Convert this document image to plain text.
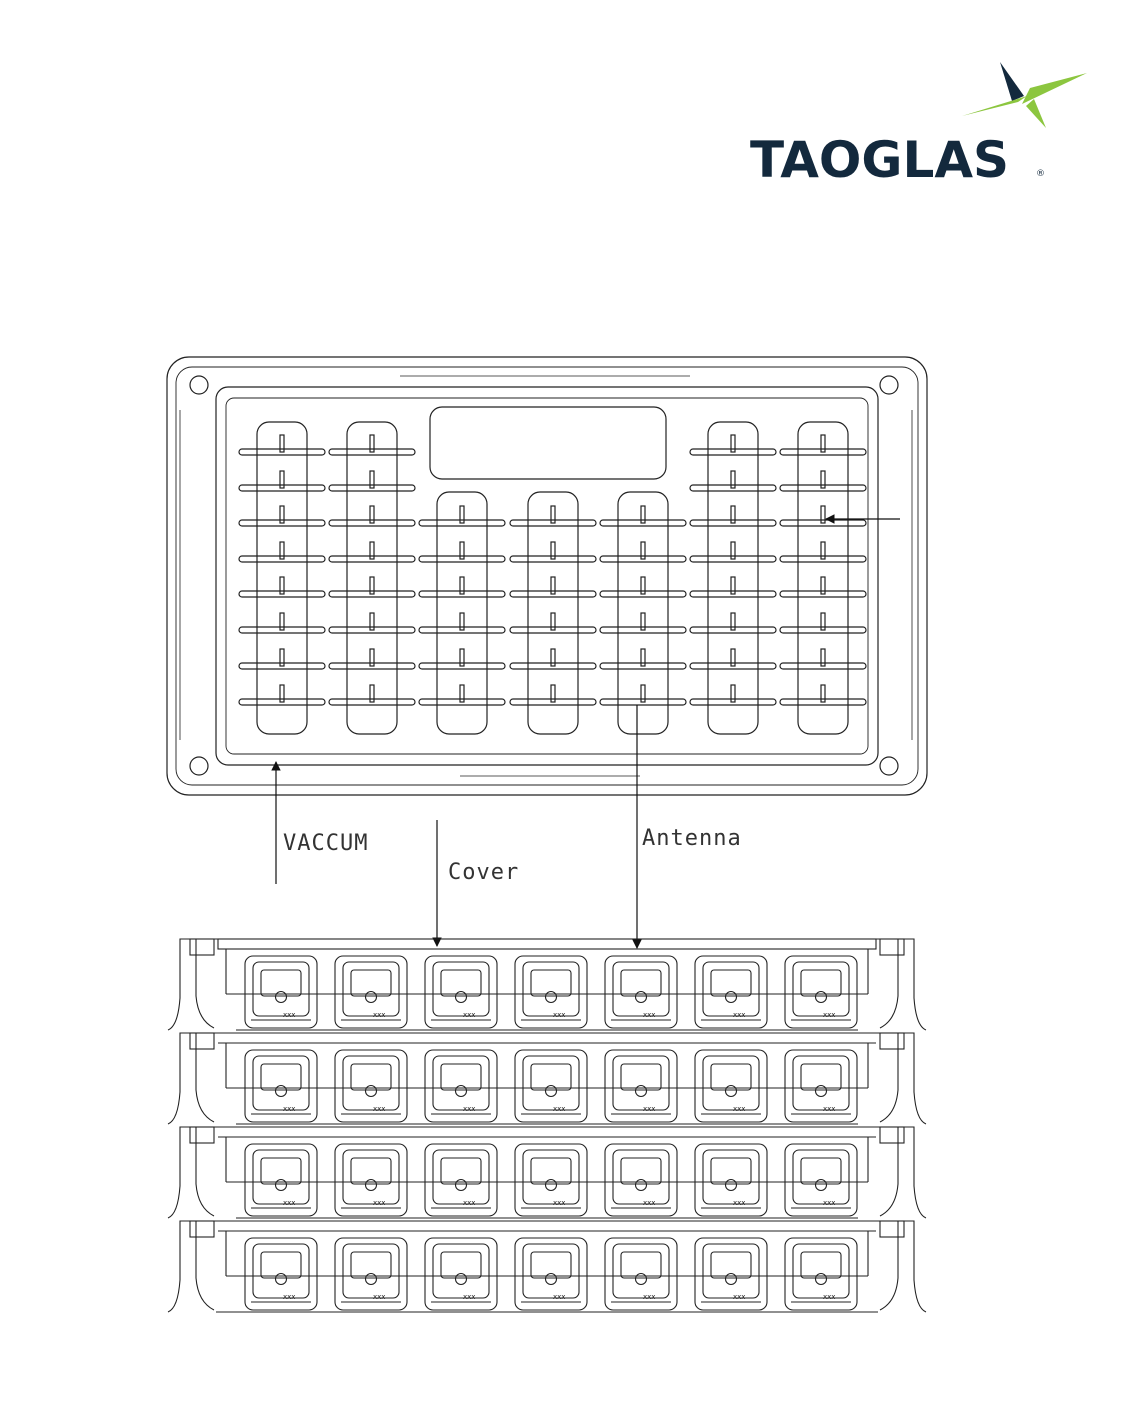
TAOGLAS	®
VACCUM
Cover
Antenna
xxx	xxx	xxx	xxx	xxx	xxx	xxx
xxx	xxx	xxx	xxx	xxx	xxx	xxx
xxx	xxx	xxx	xxx	xxx	xxx	xxx
xxx	xxx	xxx	xxx	xxx	xxx	xxx
